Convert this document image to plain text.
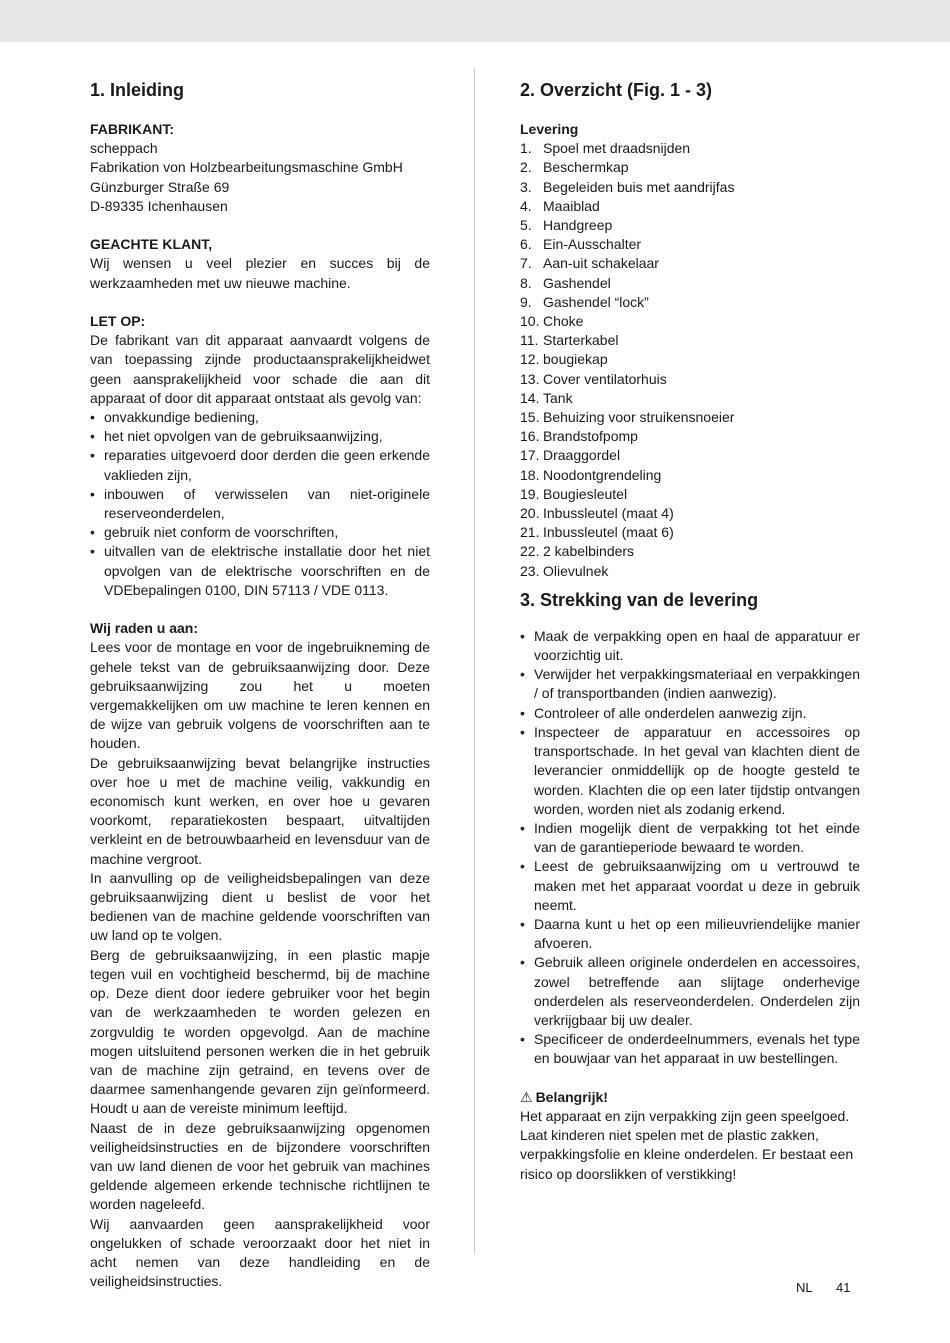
1. Inleiding

FABRIKANT:

scheppach

Fabrikation von Holzbearbeitungsmaschine GmbH

Günzburger Straße 69

D-89335 Ichenhausen

GEACHTE KLANT,

Wij wensen u veel plezier en succes bij de werkzaamheden met uw nieuwe machine.

LET OP:

De fabrikant van dit apparaat aanvaardt volgens de van toepassing zijnde productaansprakelijkheidwet geen aansprakelijkheid voor schade die aan dit apparaat of door dit apparaat ontstaat als gevolg van:

• onvakkundige bediening,
• het niet opvolgen van de gebruiksaanwijzing,
• reparaties uitgevoerd door derden die geen erkende vaklieden zijn,
• inbouwen of verwisselen van niet-originele reserveonderdelen,
• gebruik niet conform de voorschriften,
• uitvallen van de elektrische installatie door het niet opvolgen van de elektrische voorschriften en de VDEbepalingen 0100, DIN 57113 / VDE 0113.

Wij raden u aan:

Lees voor de montage en voor de ingebruikneming de gehele tekst van de gebruiksaanwijzing door. Deze gebruiksaanwijzing zou het u moeten vergemakkelijken om uw machine te leren kennen en de wijze van gebruik volgens de voorschriften aan te houden.

De gebruiksaanwijzing bevat belangrijke instructies over hoe u met de machine veilig, vakkundig en economisch kunt werken, en over hoe u gevaren voorkomt, reparatiekosten bespaart, uitvaltijden verkleint en de betrouwbaarheid en levensduur van de machine vergroot.

In aanvulling op de veiligheidsbepalingen van deze gebruiksaanwijzing dient u beslist de voor het bedienen van de machine geldende voorschriften van uw land op te volgen.

Berg de gebruiksaanwijzing, in een plastic mapje tegen vuil en vochtigheid beschermd, bij de machine op. Deze dient door iedere gebruiker voor het begin van de werkzaamheden te worden gelezen en zorgvuldig te worden opgevolgd. Aan de machine mogen uitsluitend personen werken die in het gebruik van de machine zijn getraind, en tevens over de daarmee samenhangende gevaren zijn geïnformeerd. Houdt u aan de vereiste minimum leeftijd.

Naast de in deze gebruiksaanwijzing opgenomen veiligheidsinstructies en de bijzondere voorschriften van uw land dienen de voor het gebruik van machines geldende algemeen erkende technische richtlijnen te worden nageleefd.

Wij aanvaarden geen aansprakelijkheid voor ongelukken of schade veroorzaakt door het niet in acht nemen van deze handleiding en de veiligheidsinstructies.

2. Overzicht (Fig. 1 - 3)

Levering

1. Spoel met draadsnijden
2. Beschermkap
3. Begeleiden buis met aandrijfas
4. Maaiblad
5. Handgreep
6. Ein-Ausschalter
7. Aan-uit schakelaar
8. Gashendel
9. Gashendel “lock”
10. Choke
11. Starterkabel
12. bougiekap
13. Cover ventilatorhuis
14. Tank
15. Behuizing voor struikensnoeier
16. Brandstofpomp
17. Draaggordel
18. Noodontgrendeling
19. Bougiesleutel
20. Inbussleutel (maat 4)
21. Inbussleutel (maat 6)
22. 2 kabelbinders
23. Olievulnek
3. Strekking van de levering
• Maak de verpakking open en haal de apparatuur er voorzichtig uit.
• Verwijder het verpakkingsmateriaal en verpakkingen / of transportbanden (indien aanwezig).
• Controleer of alle onderdelen aanwezig zijn.
• Inspecteer de apparatuur en accessoires op transportschade. In het geval van klachten dient de leverancier onmiddellijk op de hoogte gesteld te worden. Klachten die op een later tijdstip ontvangen worden, worden niet als zodanig erkend.
• Indien mogelijk dient de verpakking tot het einde van de garantieperiode bewaard te worden.
• Leest de gebruiksaanwijzing om u vertrouwd te maken met het apparaat voordat u deze in gebruik neemt.
• Daarna kunt u het op een milieuvriendelijke manier afvoeren.
• Gebruik alleen originele onderdelen en accessoires, zowel betreffende aan slijtage onderhevige onderdelen als reserveonderdelen. Onderdelen zijn verkrijgbaar bij uw dealer.
• Specificeer de onderdeelnummers, evenals het type en bouwjaar van het apparaat in uw bestellingen.

⚠ Belangrijk!

Het apparaat en zijn verpakking zijn geen speelgoed. Laat kinderen niet spelen met de plastic zakken, verpakkingsfolie en kleine onderdelen. Er bestaat een risico op doorslikken of verstikking!

NL 41
